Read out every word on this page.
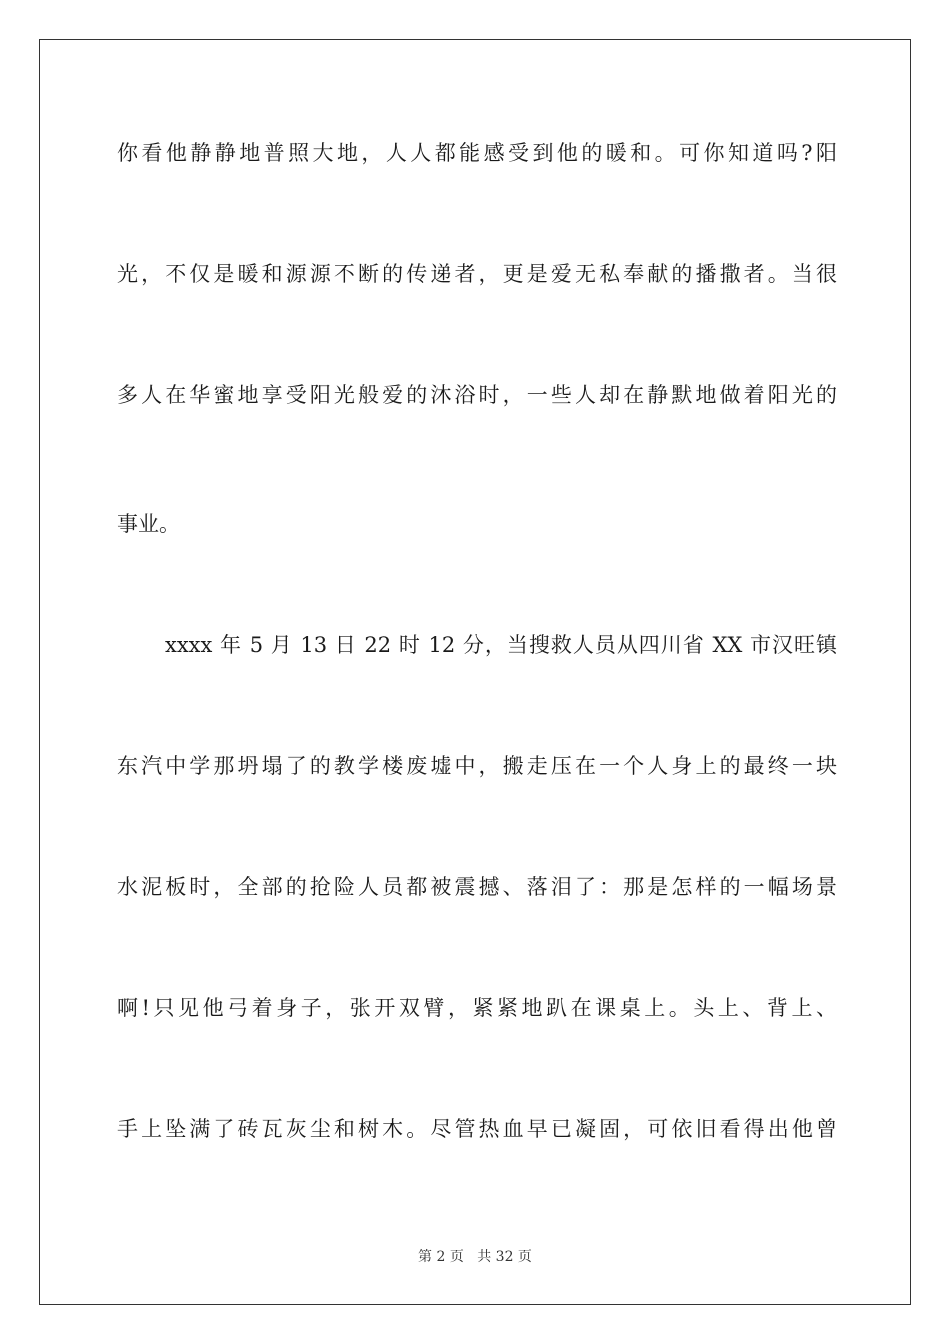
你看他静静地普照大地，人人都能感受到他的暖和。可你知道吗?阳

光，不仅是暖和源源不断的传递者，更是爱无私奉献的播撒者。当很

多人在华蜜地享受阳光般爱的沐浴时，一些人却在静默地做着阳光的

事业。

xxxx 年 5 月 13 日 22 时 12 分，当搜救人员从四川省 XX 市汉旺镇

东汽中学那坍塌了的教学楼废墟中，搬走压在一个人身上的最终一块

水泥板时，全部的抢险人员都被震撼、落泪了：那是怎样的一幅场景

啊!只见他弓着身子，张开双臂，紧紧地趴在课桌上。头上、背上、

手上坠满了砖瓦灰尘和树木。尽管热血早已凝固，可依旧看得出他曾

第 2 页 共 32 页
